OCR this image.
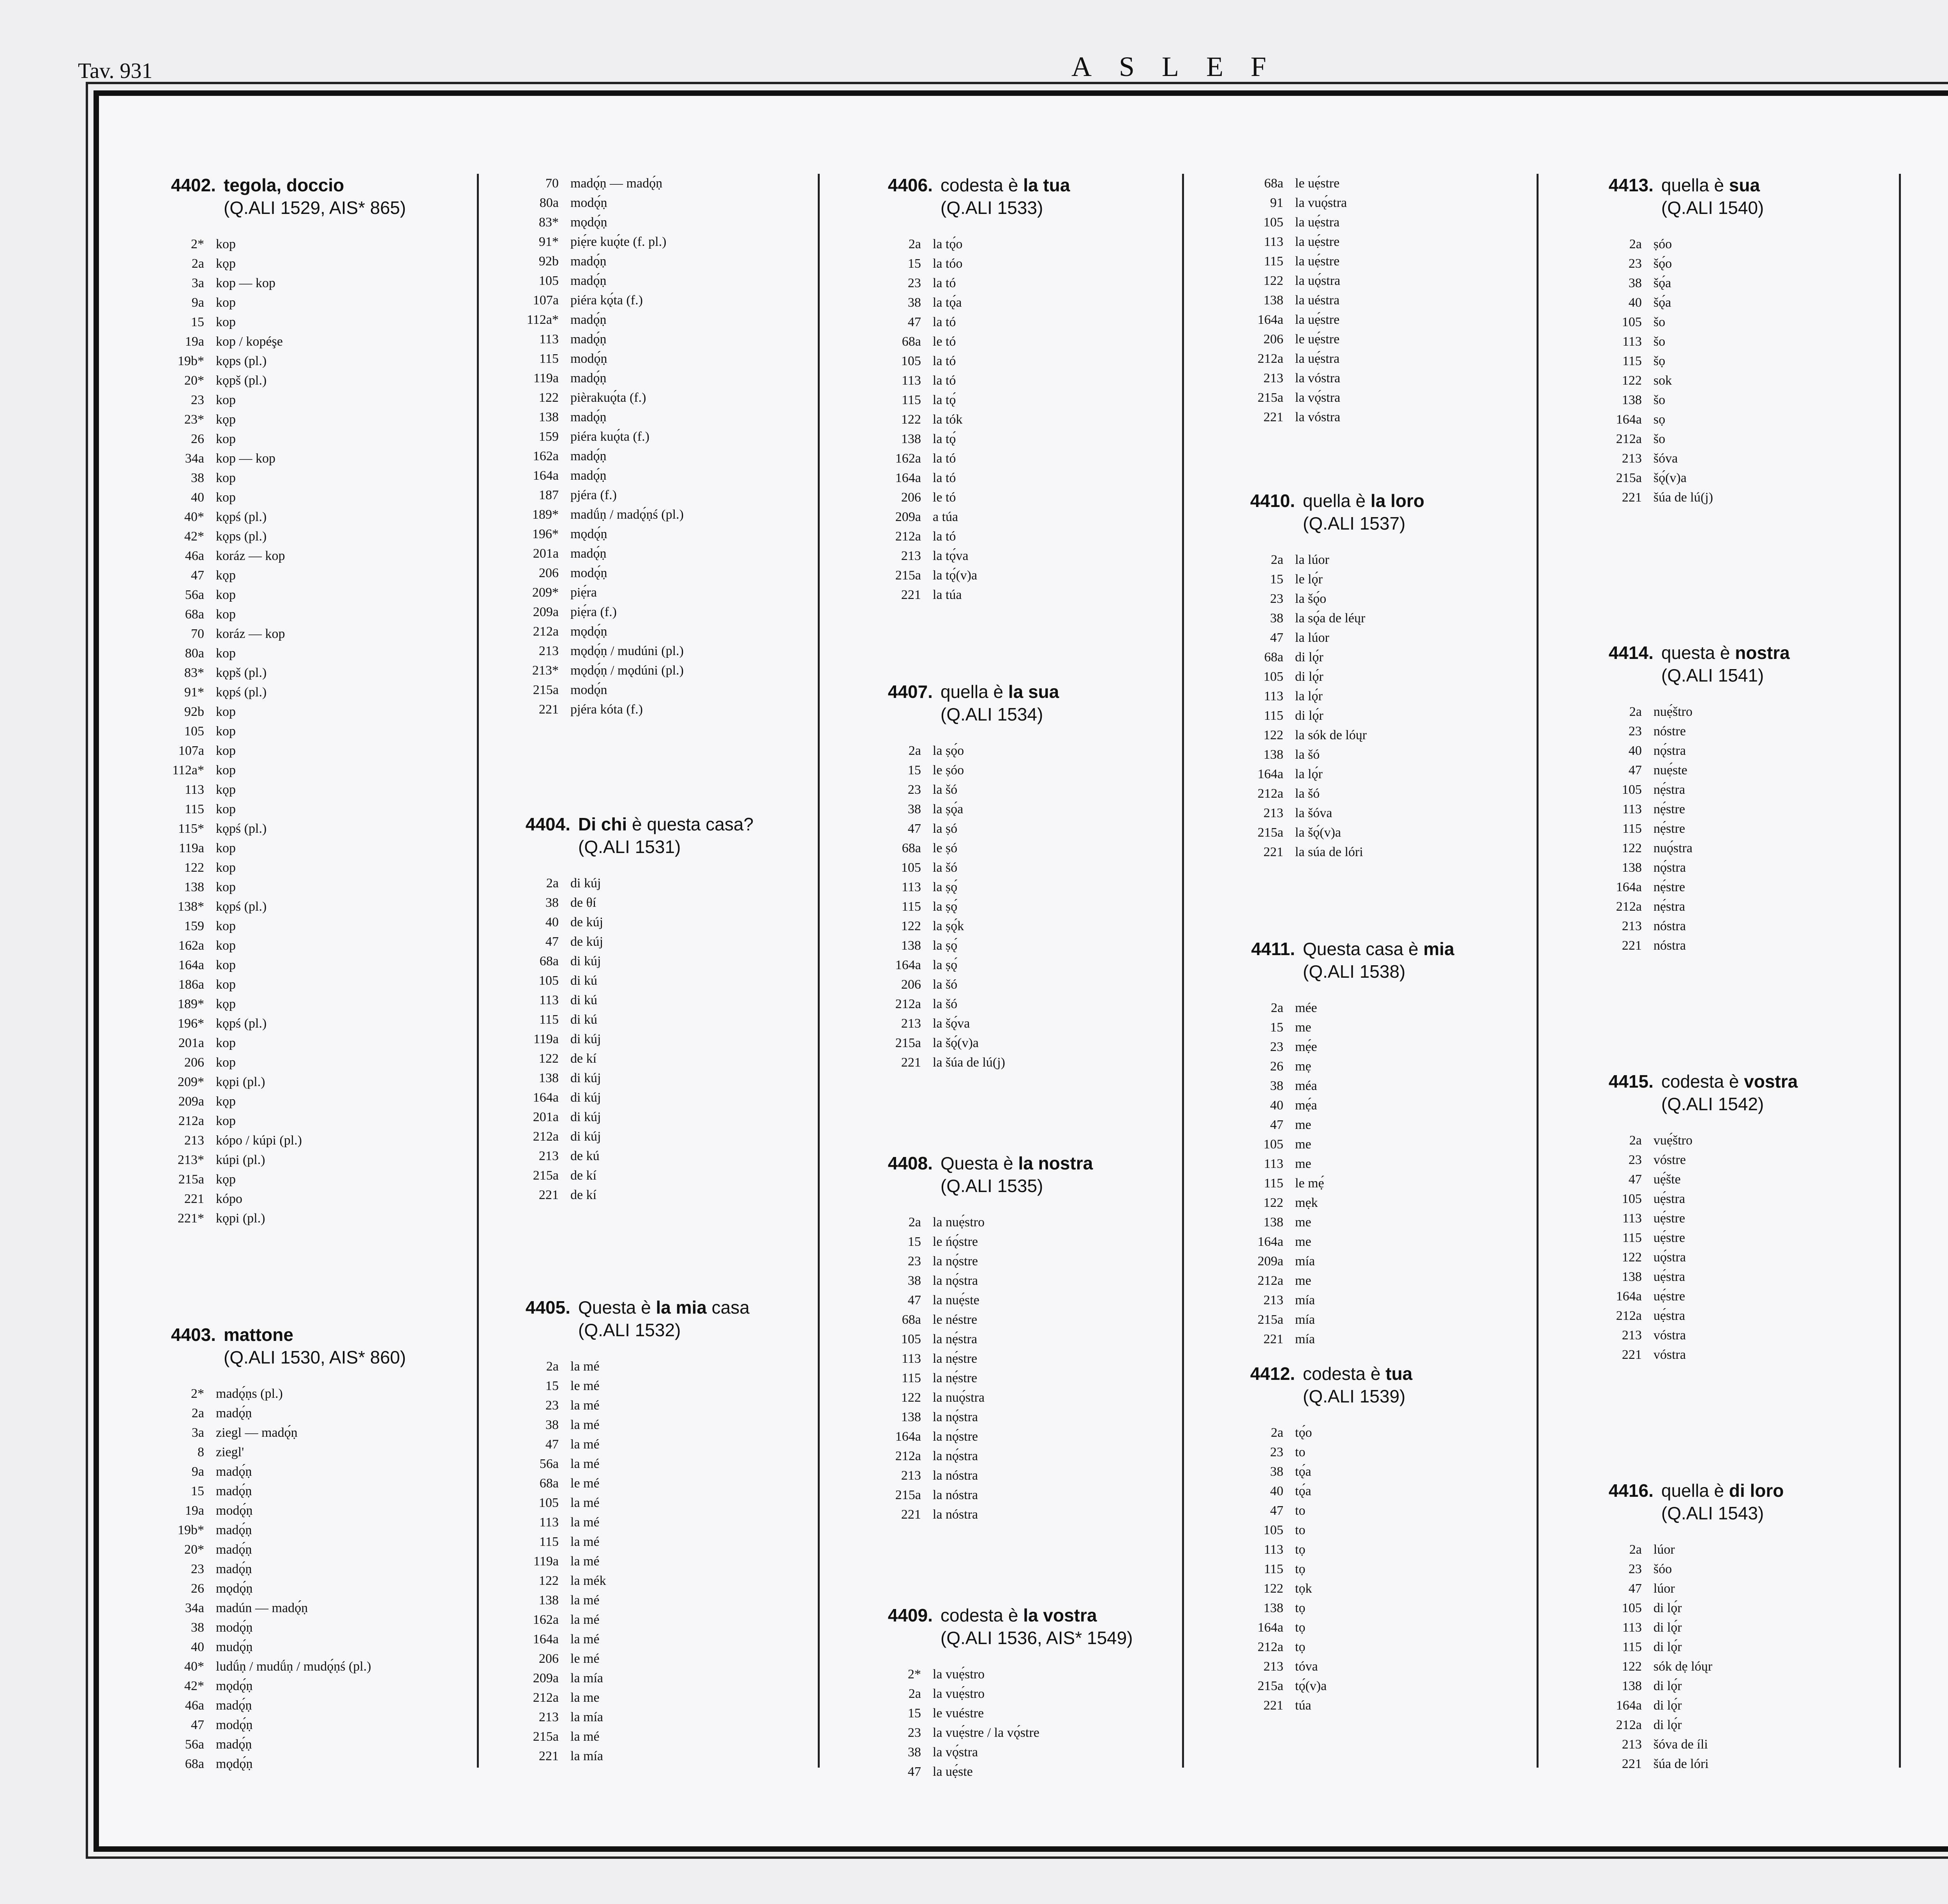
Tav. 931	ASLEF
4402. tegola, doccio
(Q.ALI 1529, AIS* 865)
2* kop
2a kǫp
3a kop — kop
9a kop
15 kop
19a kop / kopéşe
19b* kǫps (pl.)
20* kǫpš (pl.)
23 kop
23* kǫp
26 kop
34a kop — kop
38 kop
40 kop
40* kǫpś (pl.)
42* kǫps (pl.)
46a koráz — kop
47 kǫp
56a kop
68a kop
70 koráz — kop
80a kop
83* kǫpš (pl.)
91* kǫpś (pl.)
92b kop
105 kop
107a kop
112a* kop
113 kǫp
115 kop
115* kǫpś (pl.)
119a kop
122 kop
138 kop
138* kǫpś (pl.)
159 kop
162a kop
164a kop
186a kop
189* kǫp
196* kǫpś (pl.)
201a kop
206 kop
209* kǫpi (pl.)
209a kǫp
212a kop
213 kópo / kúpi (pl.)
213* kúpi (pl.)
215a kǫp
221 kópo
221* kǫpi (pl.)
4403. mattone
(Q.ALI 1530, AIS* 860)
2* madǫ́ṇs (pl.)
2a madǫ́ṇ
3a ziegl — madǫ́ṇ
8 ziegl'
9a madǫ́ṇ
15 madǫ́ṇ
19a modǫ́ṇ
19b* madǫ́ṇ
20* madǫ́ṇ
23 madǫ́ṇ
26 mǫdǫ́ṇ
34a madún — madǫ́ṇ
38 modǫ́ṇ
40 mudǫ́ṇ
40* ludǘṇ / mudǘṇ / mudǫ́ṇś (pl.)
42* mǫdǫ́ṇ
46a madǫ́ṇ
47 modǫ́ṇ
56a madǫ́ṇ
68a mǫdǫ́ṇ
70 madǫ́ṇ — madǫ́ṇ
80a modǫ́ṇ
83* mǫdǫ́ṇ
91* piẹ́re kuǫ́te (f. pl.)
92b madǫ́ṇ
105 madǫ́ṇ
107a piéra kǫ́ta (f.)
112a* madǫ́ṇ
113 madǫ́ṇ
115 modǫ́ṇ
119a madǫ́ṇ
122 pièrakuǫ́ta (f.)
138 madǫ́ṇ
159 piéra kuǫ́ta (f.)
162a madǫ́ṇ
164a madǫ́ṇ
187 pjéra (f.)
189* madǘṇ / madǫ́ṇś (pl.)
196* mǫdǫ́ṇ
201a madǫ́ṇ
206 modǫ́ṇ
209* piẹ́ra
209a piẹ́ra (f.)
212a mǫdǫ́ṇ
213 mǫdǫ́ṇ / mudúni (pl.)
213* mǫdǫ́ṇ / mǫdúni (pl.)
215a modǫ́n
221 pjéra kóta (f.)
4404. Di chi è questa casa?
(Q.ALI 1531)
2a di kúj
38 de θí
40 de kúj
47 de kúj
68a di kúj
105 di kú
113 di kú
115 di kú
119a di kúj
122 de kí
138 di kúj
164a di kúj
201a di kúj
212a di kúj
213 de kú
215a de kí
221 de kí
4405. Questa è la mia casa
(Q.ALI 1532)
2a la mé
15 le mé
23 la mé
38 la mé
47 la mé
56a la mé
68a le mé
105 la mé
113 la mé
115 la mé
119a la mé
122 la mék
138 la mé
162a la mé
164a la mé
206 le mé
209a la mía
212a la me
213 la mía
215a la mé
221 la mía
4406. codesta è la tua
(Q.ALI 1533)
2a la tǫ́o
15 la tóo
23 la tó
38 la tǫ́a
47 la tó
68a le tó
105 la tó
113 la tó
115 la tǫ́
122 la tók
138 la tǫ́
162a la tó
164a la tó
206 le tó
209a a túa
212a la tó
213 la tǫ́va
215a la tǫ́(v)a
221 la túa
4407. quella è la sua
(Q.ALI 1534)
2a la ṣǫ́o
15 le ṣóo
23 la šó
38 la ṣǫ́a
47 la ṣó
68a le ṣó
105 la šó
113 la ṣǫ́
115 la ṣǫ́
122 la ṣǫ́k
138 la ṣǫ́
164a la ṣǫ́
206 la šó
212a la šó
213 la šǫ́va
215a la šǫ́(v)a
221 la šúa de lú(j)
4408. Questa è la nostra
(Q.ALI 1535)
2a la nuẹ́stro
15 le ńǫ́stre
23 la nǫ́stre
38 la nǫ́stra
47 la nuẹ́ste
68a le néstre
105 la nẹ́stra
113 la nẹ́stre
115 la nẹ́stre
122 la nuǫ́stra
138 la nǫ́stra
164a la nǫ́stre
212a la nǫ́stra
213 la nóstra
215a la nóstra
221 la nóstra
4409. codesta è la vostra
(Q.ALI 1536, AIS* 1549)
2* la vuẹ́stro
2a la vuẹ́stro
15 le vuéstre
23 la vuẹ́stre / la vǫ́stre
38 la vǫ́stra
47 la uẹ́ste
68a le uẹ́stre
91 la vuǫ́stra
105 la uẹ́stra
113 la uẹ́stre
115 la uẹ́stre
122 la uǫ́stra
138 la uéstra
164a la uẹ́stre
206 le uẹ́stre
212a la uẹ́stra
213 la vóstra
215a la vǫ́stra
221 la vóstra
4410. quella è la loro
(Q.ALI 1537)
2a la lúor
15 le lǫ́r
23 la šǫ́o
38 la sǫ́a de léųr
47 la lúor
68a di lǫ́r
105 di lǫ́r
113 la lǫ́r
115 di lǫ́r
122 la sók de lóųr
138 la šó
164a la lǫ́r
212a la šó
213 la šóva
215a la šǫ́(v)a
221 la súa de lóri
4411. Questa casa è mia
(Q.ALI 1538)
2a mée
15 me
23 mẹ́e
26 mẹ
38 méa
40 mẹ́a
47 me
105 me
113 me
115 le mẹ́
122 mẹk
138 me
164a me
209a mía
212a me
213 mía
215a mía
221 mía
4412. codesta è tua
(Q.ALI 1539)
2a tǫ́o
23 to
38 tǫ́a
40 tǫ́a
47 to
105 to
113 tọ
115 tọ
122 tọk
138 tọ
164a tọ
212a tọ
213 tóva
215a tǫ́(v)a
221 túa
4413. quella è sua
(Q.ALI 1540)
2a ṣóo
23 šǫ́o
38 šǫ́a
40 šǫ́a
105 šo
113 šo
115 šọ
122 sok
138 šo
164a sọ
212a šo
213 šóva
215a šǫ́(v)a
221 šúa de lú(j)
4414. questa è nostra
(Q.ALI 1541)
2a nuẹ́štro
23 nóstre
40 nǫ́stra
47 nuẹ́ste
105 nẹ́stra
113 nẹ́stre
115 nẹ́stre
122 nuǫ́stra
138 nǫ́stra
164a nẹ́stre
212a nẹ́stra
213 nóstra
221 nóstra
4415. codesta è vostra
(Q.ALI 1542)
2a vuẹ́štro
23 vóstre
47 uẹ́šte
105 uẹ́stra
113 uẹ́stre
115 uẹ́stre
122 uǫ́stra
138 uẹ́stra
164a uẹ́stre
212a uẹ́stra
213 vóstra
221 vóstra
4416. quella è di loro
(Q.ALI 1543)
2a lúor
23 šóo
47 lúor
105 di lǫ́r
113 di lǫ́r
115 di lǫ́r
122 sók dẹ lóųr
138 di lǫ́r
164a di lǫ́r
212a di lǫ́r
213 šóva de íli
221 šúa de lóri
